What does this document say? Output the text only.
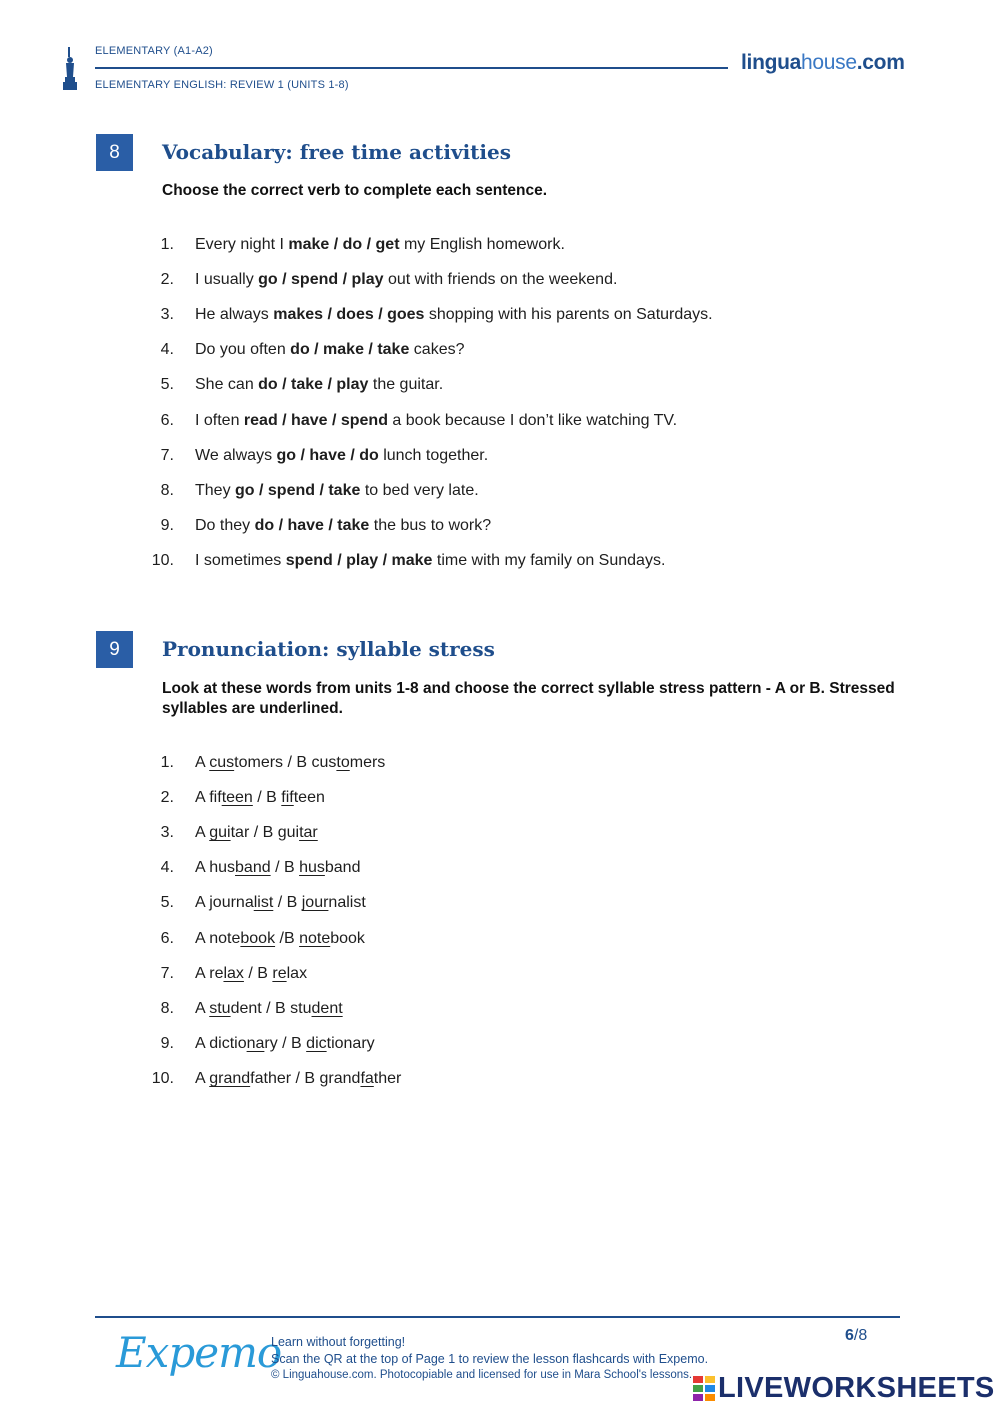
ELEMENTARY (A1-A2)
ELEMENTARY ENGLISH: REVIEW 1 (UNITS 1-8)
linguahouse.com
8	Vocabulary: free time activities
Choose the correct verb to complete each sentence.
1. Every night I make / do / get my English homework.
2. I usually go / spend / play out with friends on the weekend.
3. He always makes / does / goes shopping with his parents on Saturdays.
4. Do you often do / make / take cakes?
5. She can do / take / play the guitar.
6. I often read / have / spend a book because I don’t like watching TV.
7. We always go / have / do lunch together.
8. They go / spend / take to bed very late.
9. Do they do / have / take the bus to work?
10. I sometimes spend / play / make time with my family on Sundays.
9	Pronunciation: syllable stress
Look at these words from units 1-8 and choose the correct syllable stress pattern - A or B. Stressed syllables are underlined.
1. A customers / B customers
2. A fifteen / B fifteen
3. A guitar / B guitar
4. A husband / B husband
5. A journalist / B journalist
6. A notebook /B notebook
7. A relax / B relax
8. A student / B student
9. A dictionary / B dictionary
10. A grandfather / B grandfather
Expemo
Learn without forgetting!
Scan the QR at the top of Page 1 to review the lesson flashcards with Expemo.
© Linguahouse.com. Photocopiable and licensed for use in Mara School's lessons.
6/8
LIVEWORKSHEETS
